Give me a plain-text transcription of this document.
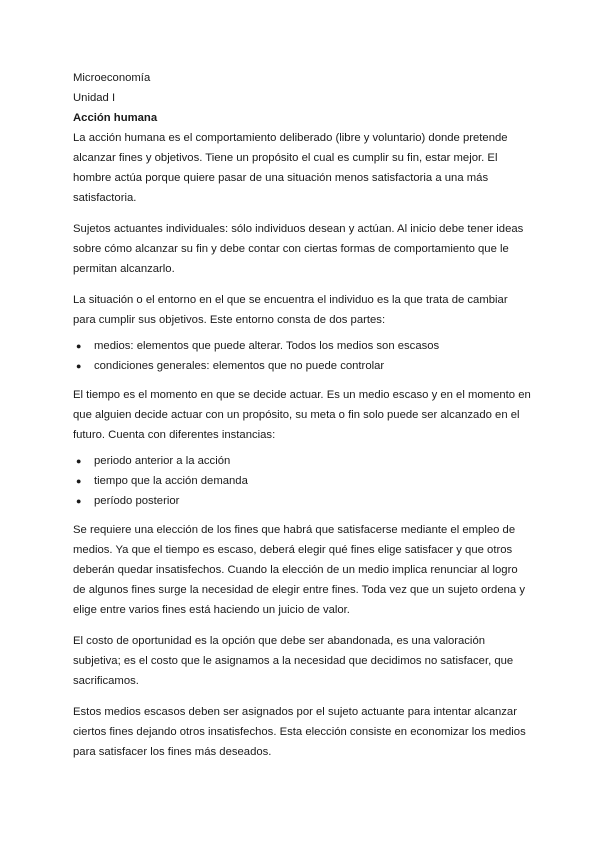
Microeconomía
Unidad I
Acción humana

La acción humana es el comportamiento deliberado (libre y voluntario) donde pretende alcanzar fines y objetivos. Tiene un propósito el cual es cumplir su fin, estar mejor. El hombre actúa porque quiere pasar de una situación menos satisfactoria a una más satisfactoria.

Sujetos actuantes individuales: sólo individuos desean y actúan. Al inicio debe tener ideas sobre cómo alcanzar su fin y debe contar con ciertas formas de comportamiento que le permitan alcanzarlo.

La situación o el entorno en el que se encuentra el individuo es la que trata de cambiar para cumplir sus objetivos. Este entorno consta de dos partes:

● medios: elementos que puede alterar. Todos los medios son escasos
● condiciones generales: elementos que no puede controlar

El tiempo es el momento en que se decide actuar. Es un medio escaso y en el momento en que alguien decide actuar con un propósito, su meta o fin solo puede ser alcanzado en el futuro. Cuenta con diferentes instancias:

● periodo anterior a la acción
● tiempo que la acción demanda
● período posterior

Se requiere una elección de los fines que habrá que satisfacerse mediante el empleo de medios. Ya que el tiempo es escaso, deberá elegir qué fines elige satisfacer y que otros deberán quedar insatisfechos. Cuando la elección de un medio implica renunciar al logro de algunos fines surge la necesidad de elegir entre fines. Toda vez que un sujeto ordena y elige entre varios fines está haciendo un juicio de valor.

El costo de oportunidad es la opción que debe ser abandonada, es una valoración subjetiva; es el costo que le asignamos a la necesidad que decidimos no satisfacer, que sacrificamos.

Estos medios escasos deben ser asignados por el sujeto actuante para intentar alcanzar ciertos fines dejando otros insatisfechos. Esta elección consiste en economizar los medios para satisfacer los fines más deseados.
